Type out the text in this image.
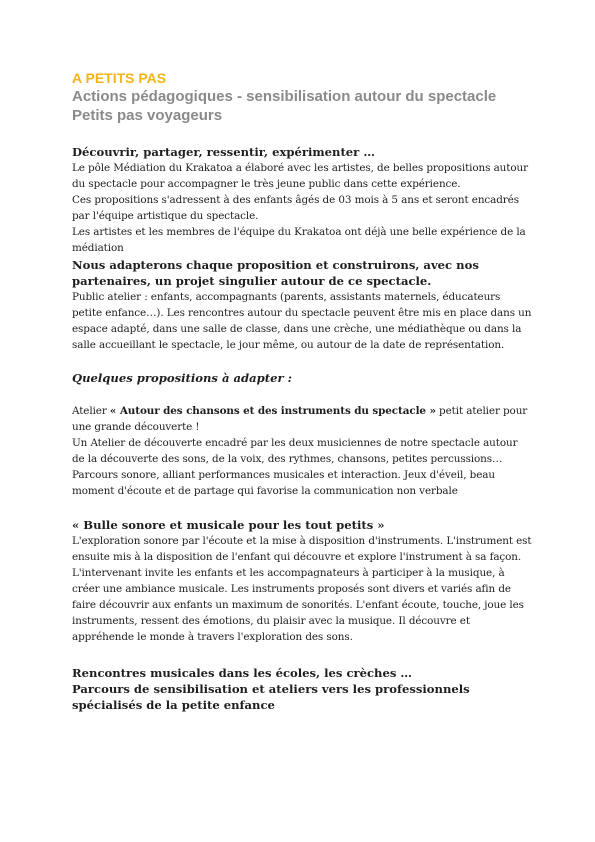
A PETITS PAS

Actions pédagogiques - sensibilisation autour du spectacle

Petits pas voyageurs

Découvrir, partager, ressentir, expérimenter …

Le pôle Médiation du Krakatoa a élaboré avec les artistes, de belles propositions autour du spectacle pour accompagner le très jeune public dans cette expérience.

Ces propositions s'adressent à des enfants âgés de 03 mois à 5 ans et seront encadrés par l'équipe artistique du spectacle.

Les artistes et les membres de l'équipe du Krakatoa ont déjà une belle expérience de la médiation

Nous adapterons chaque proposition et construirons, avec nos partenaires, un projet singulier autour de ce spectacle.

Public atelier : enfants, accompagnants (parents, assistants maternels, éducateurs petite enfance…). Les rencontres autour du spectacle peuvent être mis en place dans un espace adapté, dans une salle de classe, dans une crèche, une médiathèque ou dans la salle accueillant le spectacle, le jour même, ou autour de la date de représentation.

Quelques propositions à adapter :

Atelier « Autour des chansons et des instruments du spectacle » petit atelier pour une grande découverte !

Un Atelier de découverte encadré par les deux musiciennes de notre spectacle autour de la découverte des sons, de la voix, des rythmes, chansons, petites percussions… Parcours sonore, alliant performances musicales et interaction. Jeux d'éveil, beau moment d'écoute et de partage qui favorise la communication non verbale

« Bulle sonore et musicale pour les tout petits »

L'exploration sonore par l'écoute et la mise à disposition d'instruments. L'instrument est ensuite mis à la disposition de l'enfant qui découvre et explore l'instrument à sa façon. L'intervenant invite les enfants et les accompagnateurs à participer à la musique, à créer une ambiance musicale. Les instruments proposés sont divers et variés afin de faire découvrir aux enfants un maximum de sonorités. L'enfant écoute, touche, joue les instruments, ressent des émotions, du plaisir avec la musique. Il découvre et appréhende le monde à travers l'exploration des sons.

Rencontres musicales dans les écoles, les crèches …

Parcours de sensibilisation et ateliers vers les professionnels spécialisés de la petite enfance
